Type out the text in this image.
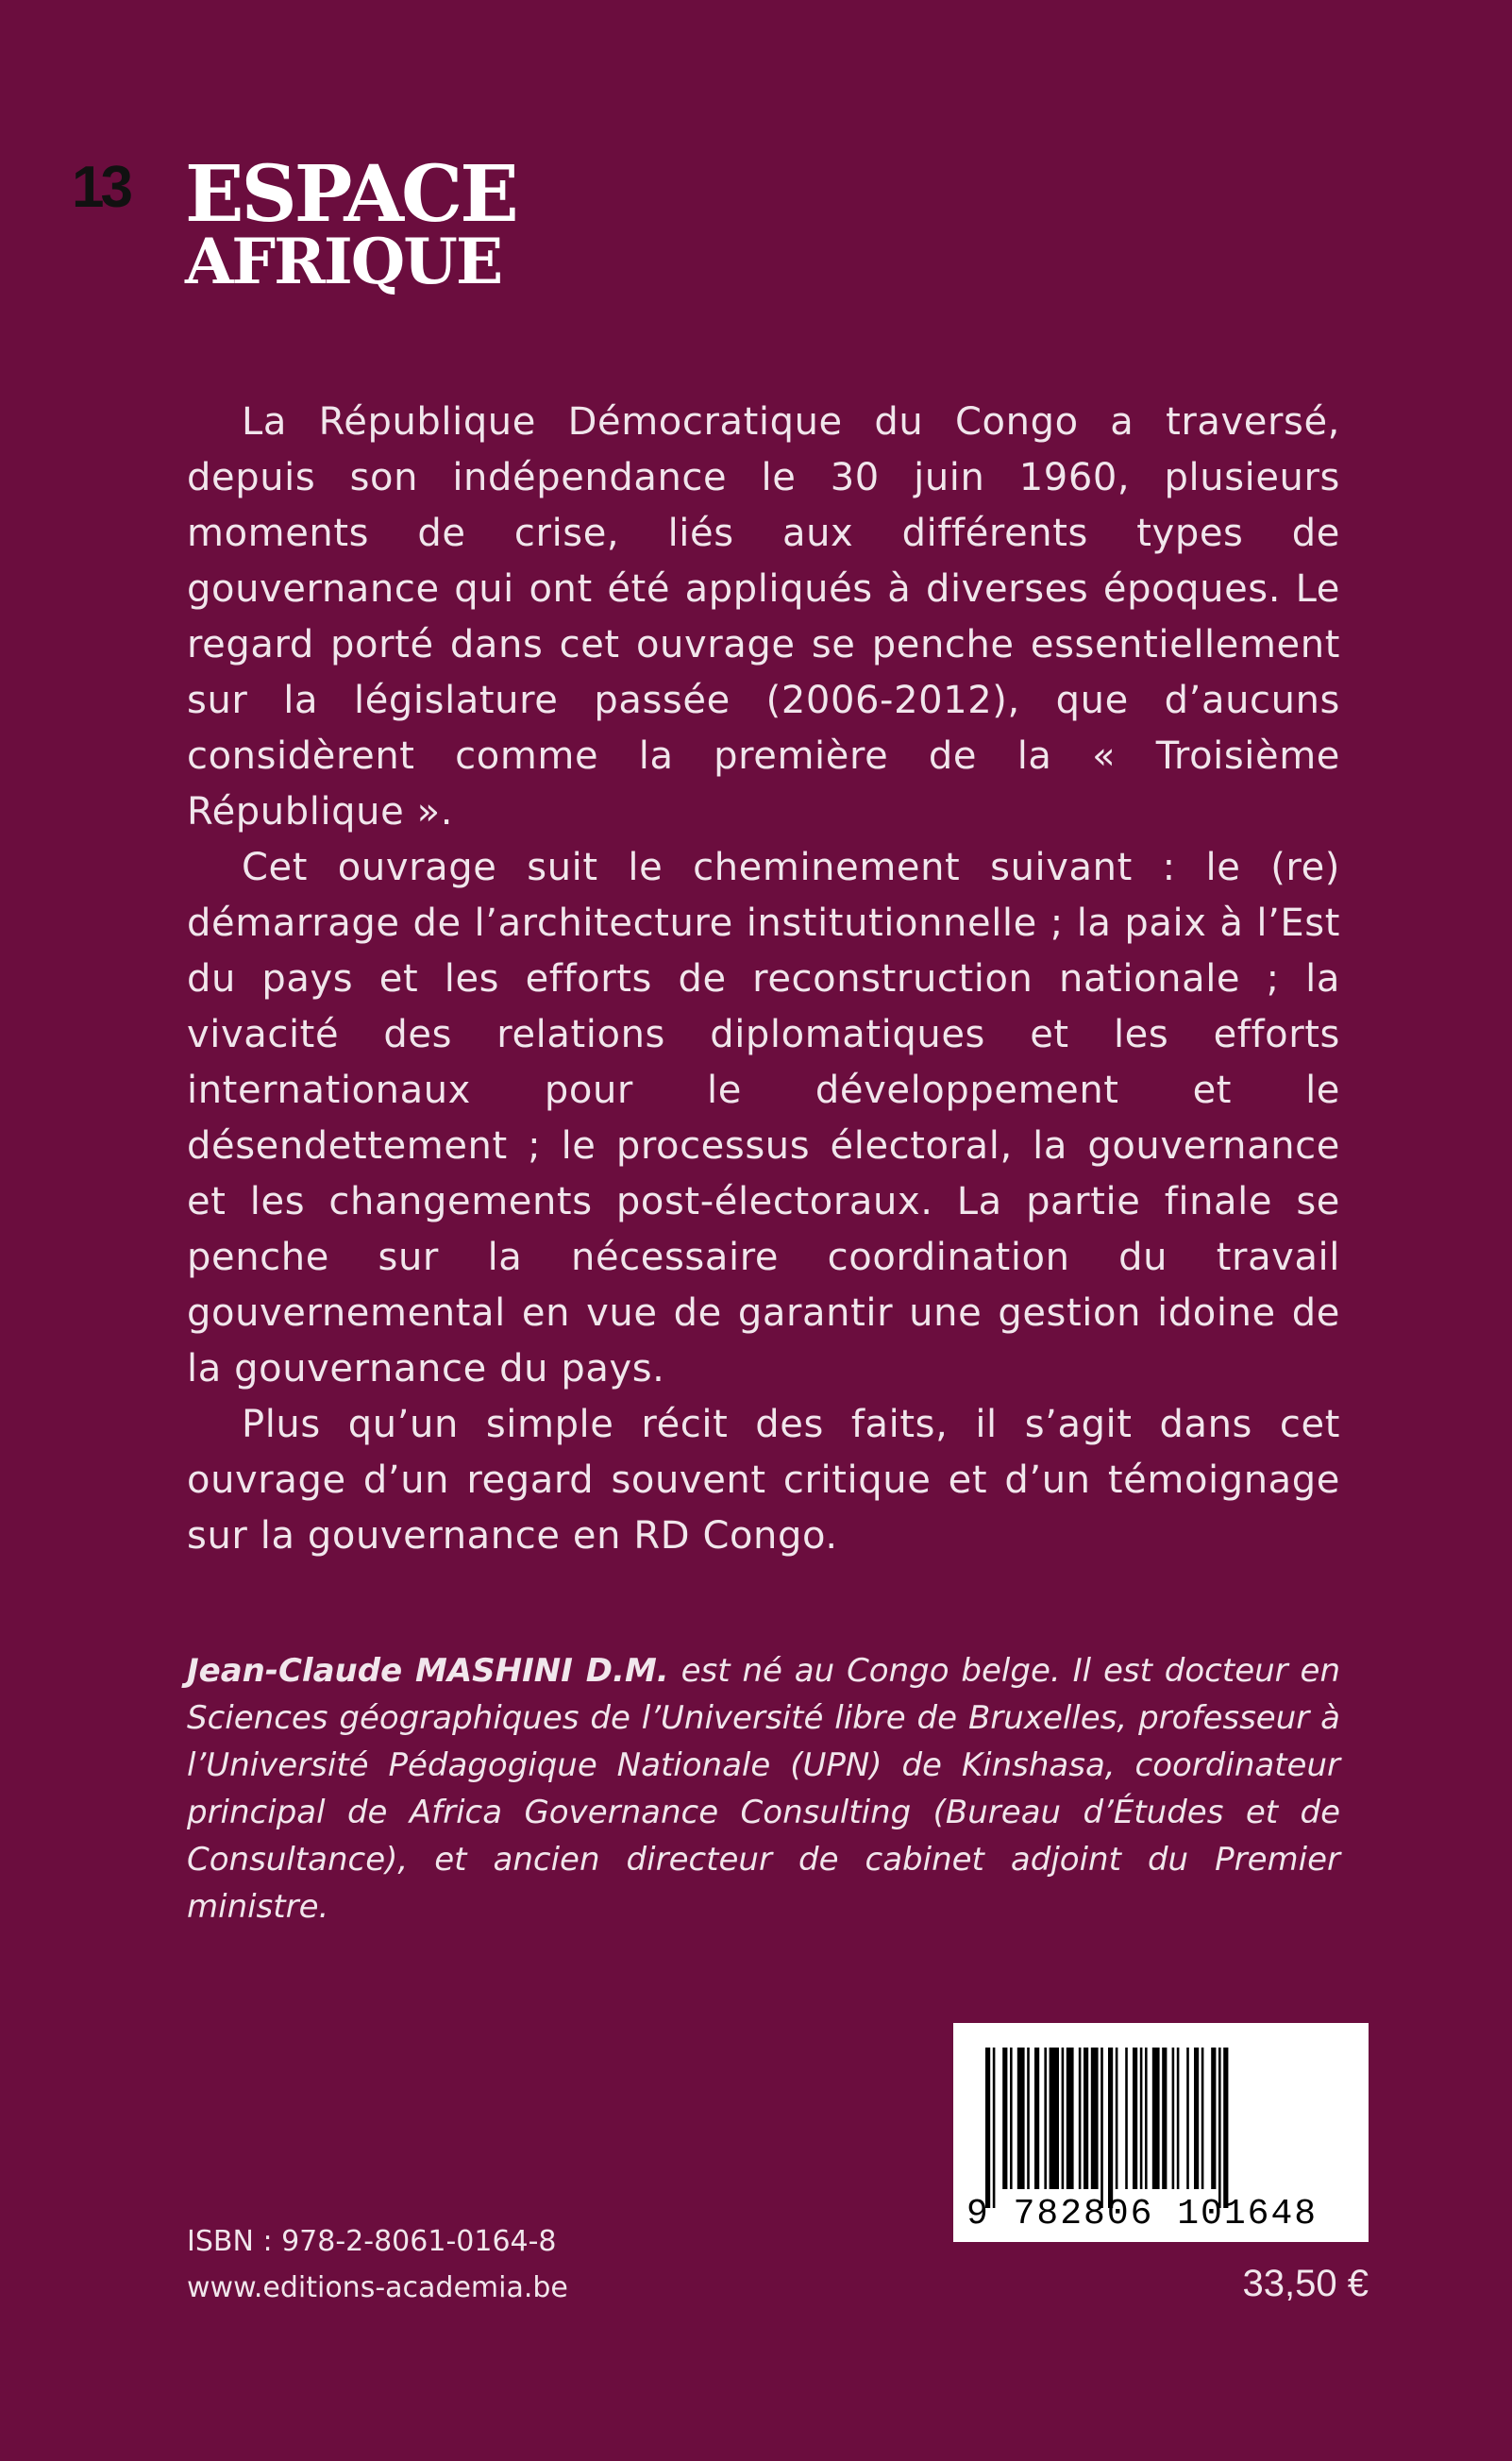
13 ESPACE
AFRIQUE

La République Démocratique du Congo a traversé, depuis son indépendance le 30 juin 1960, plusieurs moments de crise, liés aux différents types de gouvernance qui ont été appliqués à diverses époques. Le regard porté dans cet ouvrage se penche essentiellement sur la législature passée (2006-2012), que d’aucuns considèrent comme la première de la « Troisième République ».

Cet ouvrage suit le cheminement suivant : le (re) démarrage de l’architecture institutionnelle ; la paix à l’Est du pays et les efforts de reconstruction nationale ; la vivacité des relations diplomatiques et les efforts internationaux pour le développement et le désendettement ; le processus électoral, la gouvernance et les changements post-électoraux. La partie finale se penche sur la nécessaire coordination du travail gouvernemental en vue de garantir une gestion idoine de la gouvernance du pays.

Plus qu’un simple récit des faits, il s’agit dans cet ouvrage d’un regard souvent critique et d’un témoignage sur la gouvernance en RD Congo.

Jean-Claude MASHINI D.M. est né au Congo belge. Il est docteur en Sciences géographiques de l’Université libre de Bruxelles, professeur à l’Université Pédagogique Nationale (UPN) de Kinshasa, coordinateur principal de Africa Governance Consulting (Bureau d’Études et de Consultance), et ancien directeur de cabinet adjoint du Premier ministre.
9 782806 101648
ISBN : 978-2-8061-0164-8
www.editions-academia.be	33,50 €
